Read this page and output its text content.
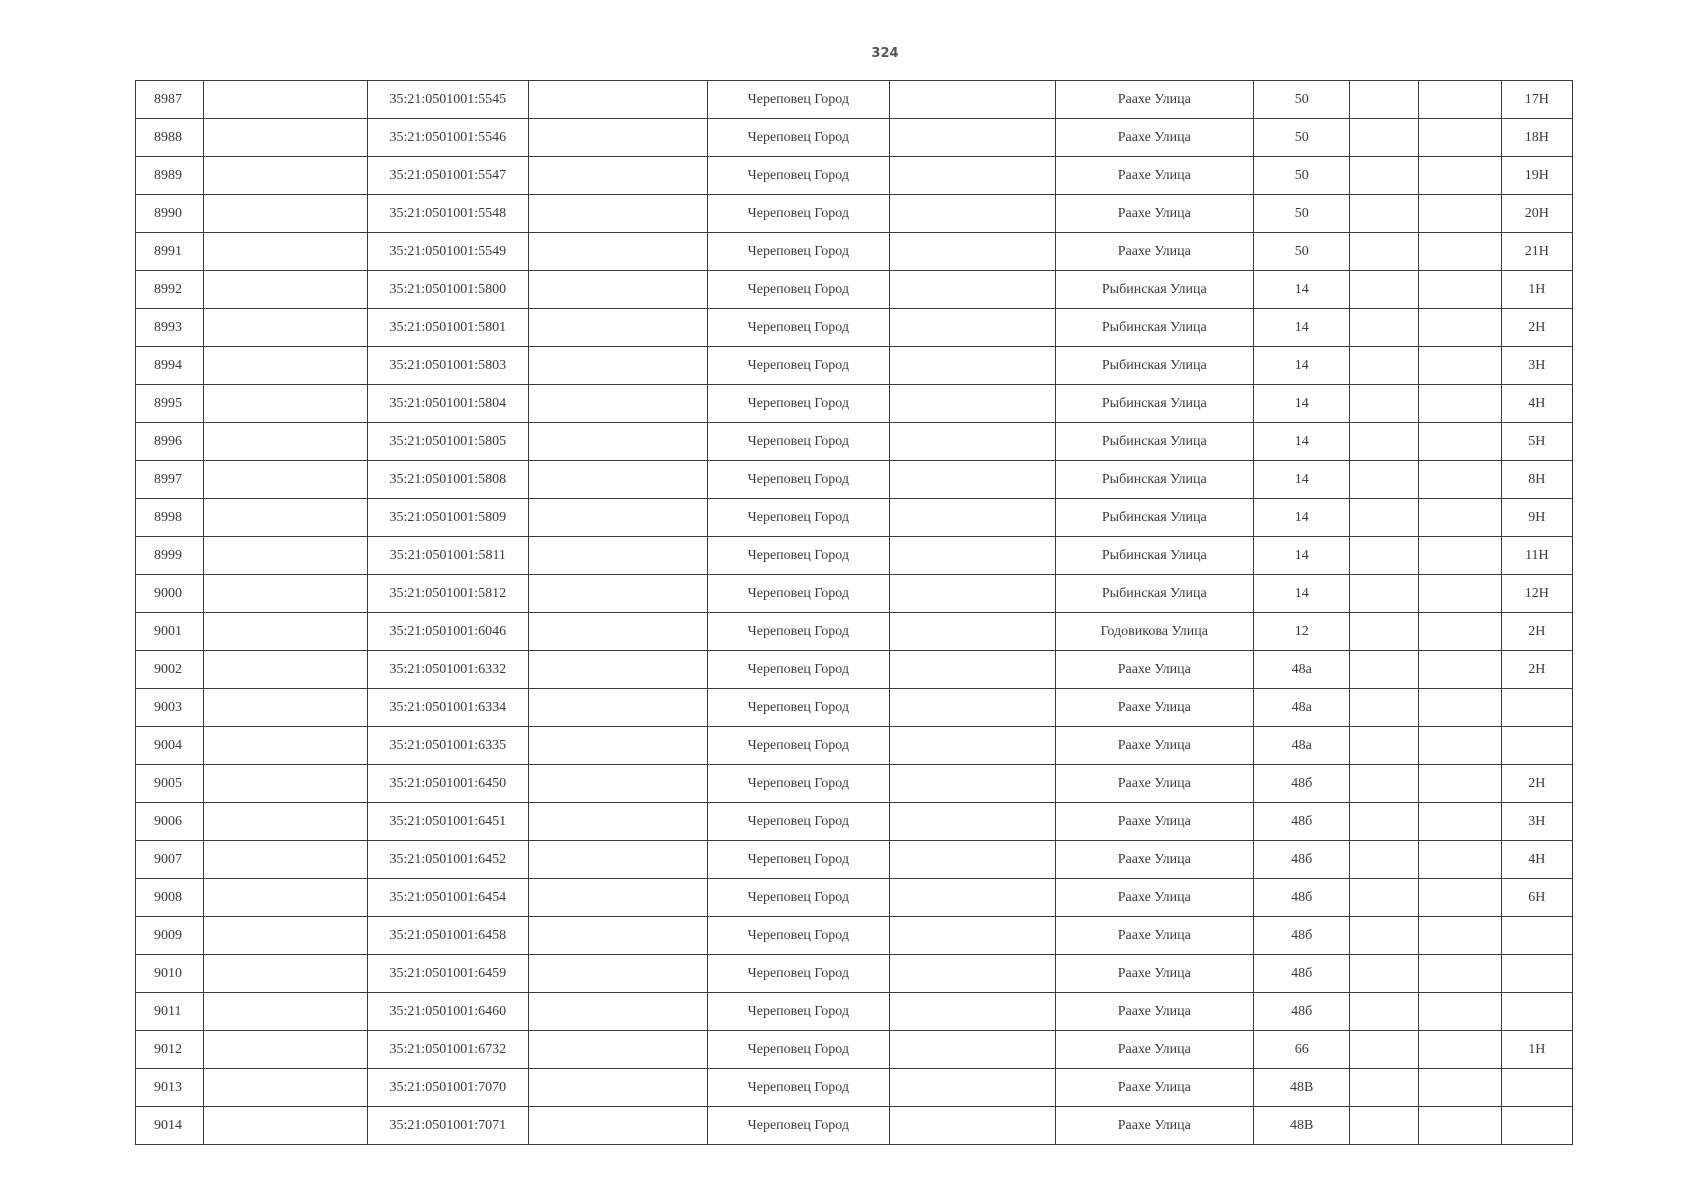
324
8987		35:21:0501001:5545		Череповец Город		Раахе Улица	50			17Н
8988		35:21:0501001:5546		Череповец Город		Раахе Улица	50			18Н
8989		35:21:0501001:5547		Череповец Город		Раахе Улица	50			19Н
8990		35:21:0501001:5548		Череповец Город		Раахе Улица	50			20Н
8991		35:21:0501001:5549		Череповец Город		Раахе Улица	50			21Н
8992		35:21:0501001:5800		Череповец Город		Рыбинская Улица	14			1Н
8993		35:21:0501001:5801		Череповец Город		Рыбинская Улица	14			2Н
8994		35:21:0501001:5803		Череповец Город		Рыбинская Улица	14			3Н
8995		35:21:0501001:5804		Череповец Город		Рыбинская Улица	14			4Н
8996		35:21:0501001:5805		Череповец Город		Рыбинская Улица	14			5Н
8997		35:21:0501001:5808		Череповец Город		Рыбинская Улица	14			8Н
8998		35:21:0501001:5809		Череповец Город		Рыбинская Улица	14			9Н
8999		35:21:0501001:5811		Череповец Город		Рыбинская Улица	14			11Н
9000		35:21:0501001:5812		Череповец Город		Рыбинская Улица	14			12Н
9001		35:21:0501001:6046		Череповец Город		Годовикова Улица	12			2Н
9002		35:21:0501001:6332		Череповец Город		Раахе Улица	48а			2Н
9003		35:21:0501001:6334		Череповец Город		Раахе Улица	48а			
9004		35:21:0501001:6335		Череповец Город		Раахе Улица	48а			
9005		35:21:0501001:6450		Череповец Город		Раахе Улица	48б			2Н
9006		35:21:0501001:6451		Череповец Город		Раахе Улица	48б			3Н
9007		35:21:0501001:6452		Череповец Город		Раахе Улица	48б			4Н
9008		35:21:0501001:6454		Череповец Город		Раахе Улица	48б			6Н
9009		35:21:0501001:6458		Череповец Город		Раахе Улица	48б			
9010		35:21:0501001:6459		Череповец Город		Раахе Улица	48б			
9011		35:21:0501001:6460		Череповец Город		Раахе Улица	48б			
9012		35:21:0501001:6732		Череповец Город		Раахе Улица	66			1Н
9013		35:21:0501001:7070		Череповец Город		Раахе Улица	48В			
9014		35:21:0501001:7071		Череповец Город		Раахе Улица	48В			
